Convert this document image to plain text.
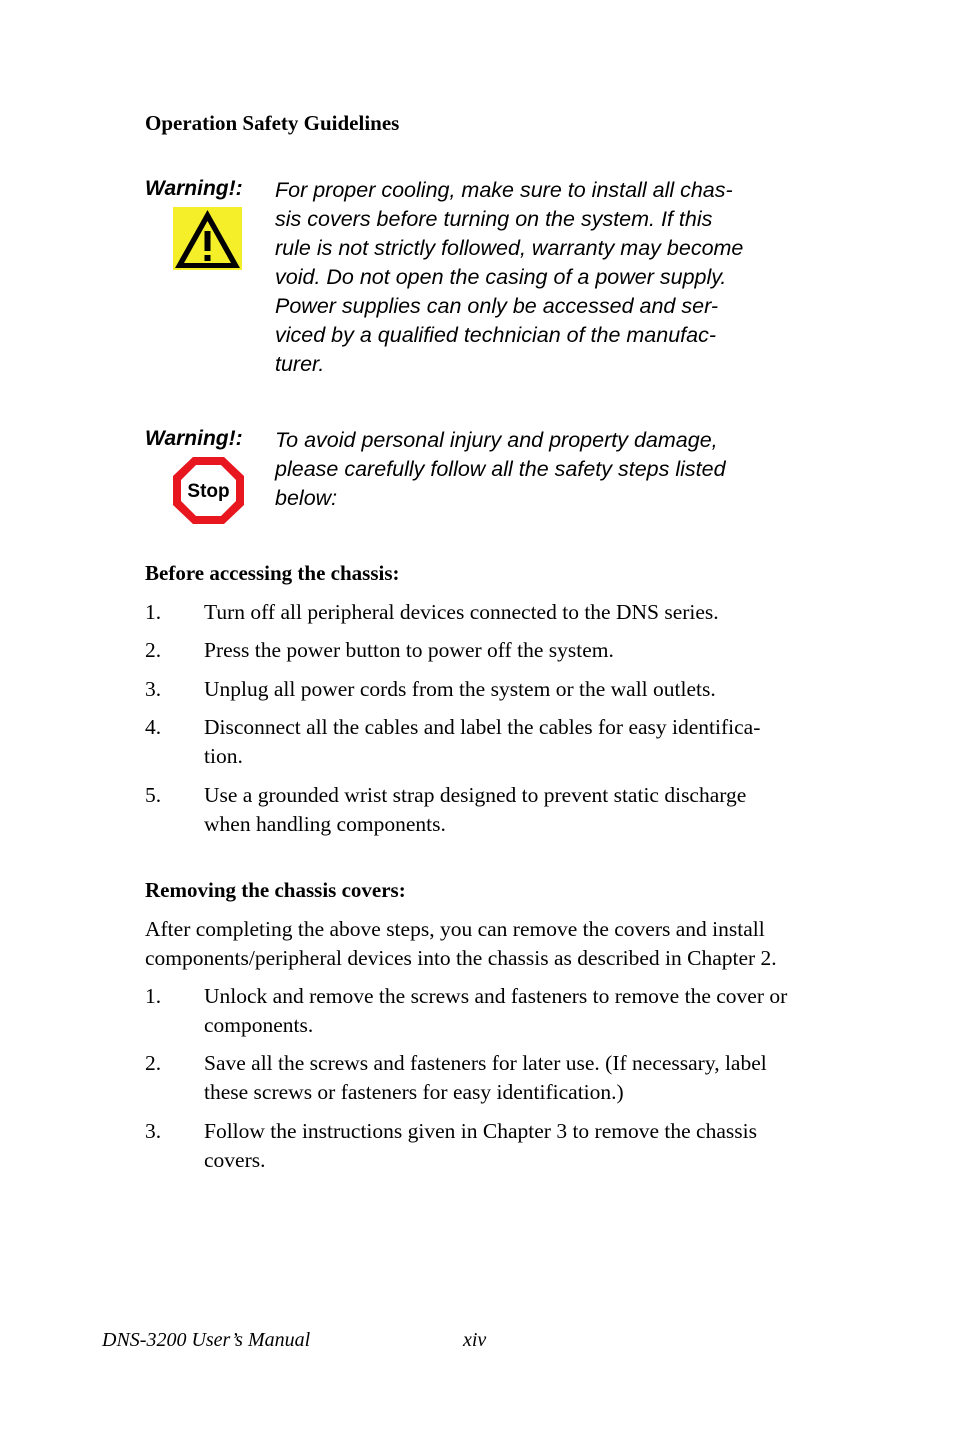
Operation Safety Guidelines
Warning!: For proper cooling, make sure to install all chas-
sis covers before turning on the system. If this
rule is not strictly followed, warranty may become
void. Do not open the casing of a power supply.
Power supplies can only be accessed and ser-
viced by a qualified technician of the manufac-
turer.
Warning!:
Stop
To avoid personal injury and property damage,
please carefully follow all the safety steps listed
below:
Before accessing the chassis:
1. Turn off all peripheral devices connected to the DNS series.
2. Press the power button to power off the system.
3. Unplug all power cords from the system or the wall outlets.
4. Disconnect all the cables and label the cables for easy identifica-
tion.
5. Use a grounded wrist strap designed to prevent static discharge
when handling components.
Removing the chassis covers:
After completing the above steps, you can remove the covers and install
components/peripheral devices into the chassis as described in Chapter 2.
1. Unlock and remove the screws and fasteners to remove the cover or
components.
2. Save all the screws and fasteners for later use. (If necessary, label
these screws or fasteners for easy identification.)
3. Follow the instructions given in Chapter 3 to remove the chassis
covers.
DNS-3200 User’s Manual	xiv
